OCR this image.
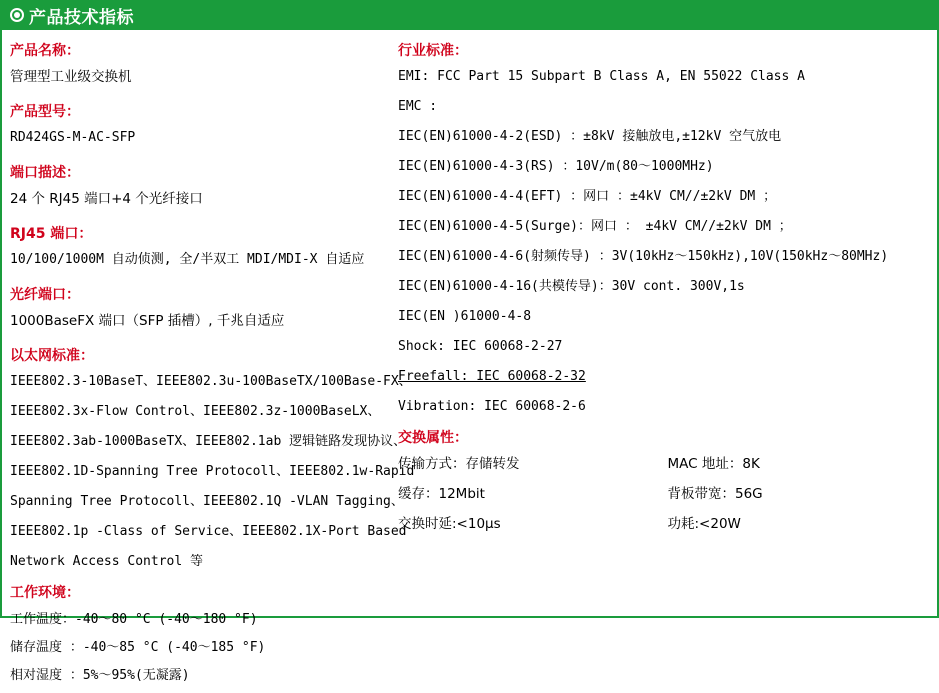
产品技术指标
产品名称：
管理型工业级交换机
产品型号：
RD424GS-M-AC-SFP
端口描述：
24 个 RJ45 端口+4 个光纤接口
RJ45 端口：
10/100/1000M 自动侦测, 全/半双工 MDI/MDI-X 自适应
光纤端口：
1000BaseFX 端口（SFP 插槽）, 千兆自适应
以太网标准：
IEEE802.3-10BaseT、IEEE802.3u-100BaseTX/100Base-FX、
IEEE802.3x-Flow Control、IEEE802.3z-1000BaseLX、
IEEE802.3ab-1000BaseTX、IEEE802.1ab 逻辑链路发现协议、
IEEE802.1D-Spanning Tree Protocoll、IEEE802.1w-Rapid
Spanning Tree Protocoll、IEEE802.1Q -VLAN Tagging、
IEEE802.1p -Class of Service、IEEE802.1X-Port Based
Network Access Control 等
工作环境：
工作温度：-40～80 °C (-40～180 °F)
储存温度 ：-40～85 °C (-40～185 °F)
相对湿度 ：5%～95%(无凝露)
行业标准：
EMI: FCC Part 15 Subpart B Class A, EN 55022 Class A
EMC :
IEC(EN)61000-4-2(ESD) ：±8kV 接触放电,±12kV 空气放电
IEC(EN)61000-4-3(RS) ：10V/m(80～1000MHz)
IEC(EN)61000-4-4(EFT) ：网口 ：±4kV CM//±2kV DM ；
IEC(EN)61000-4-5(Surge)：网口 ： ±4kV CM//±2kV DM ；
IEC(EN)61000-4-6(射频传导) ：3V(10kHz～150kHz),10V(150kHz～80MHz)
IEC(EN)61000-4-16(共模传导)：30V cont. 300V,1s
IEC(EN )61000-4-8
Shock: IEC 60068-2-27
Freefall: IEC 60068-2-32
Vibration: IEC 60068-2-6
交换属性：
传输方式：存储转发	MAC 地址：8K
缓存：12Mbit	背板带宽：56G
交换时延:<10μs	功耗:<20W
